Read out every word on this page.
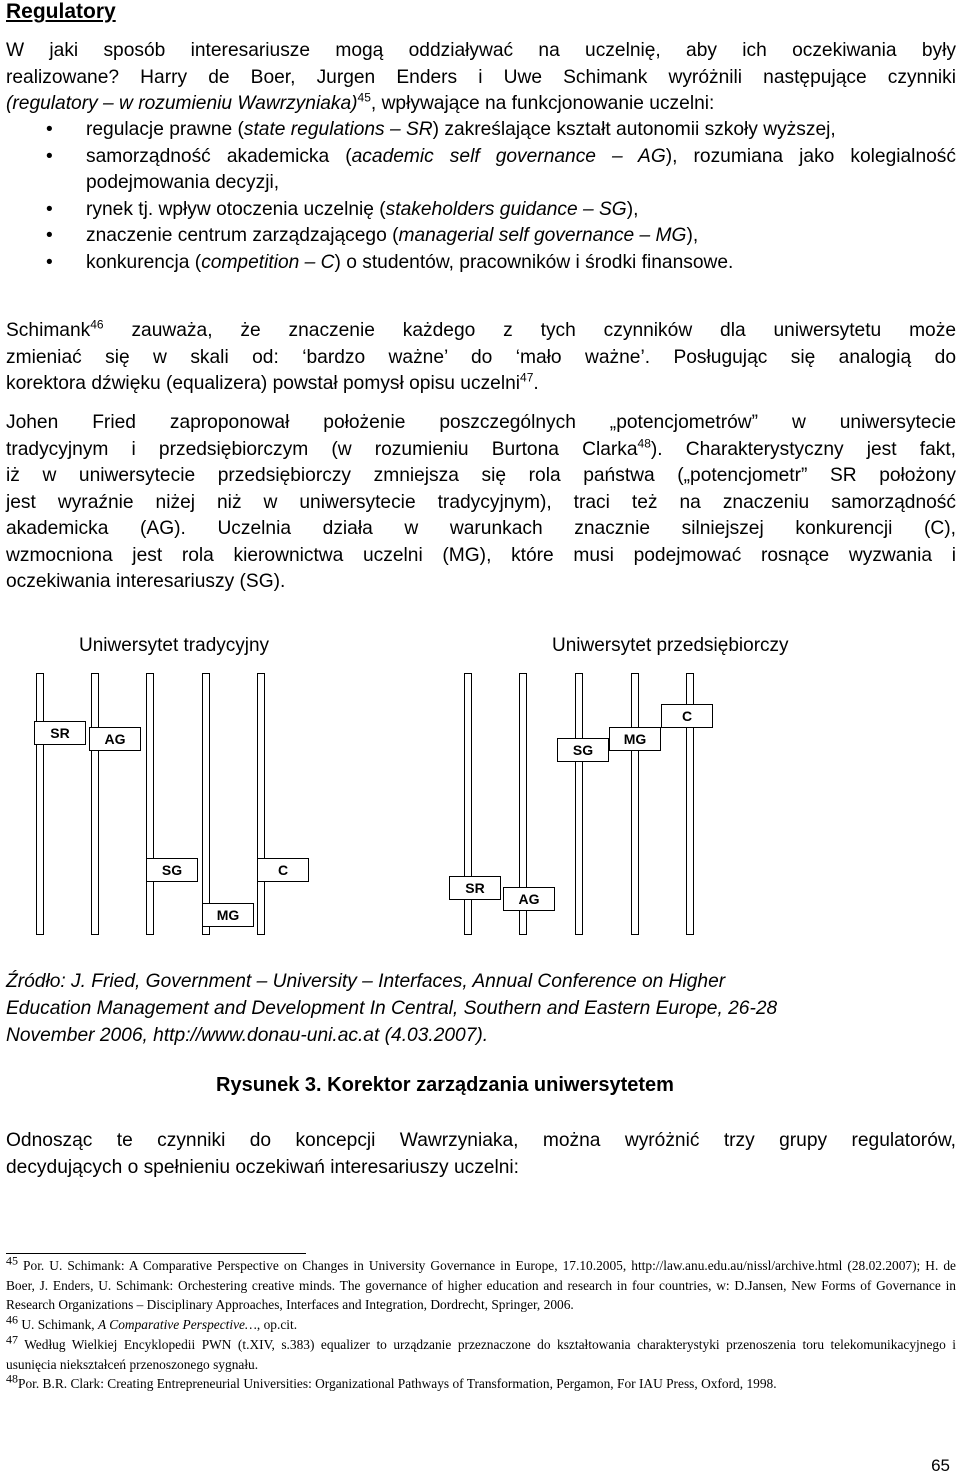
Regulatory
W jaki sposób interesariusze mogą oddziaływać na uczelnię, aby ich oczekiwania były
realizowane? Harry de Boer, Jurgen Enders i Uwe Schimank wyróżnili następujące czynniki
(regulatory – w rozumieniu Wawrzyniaka)$^{45}$, wpływające na funkcjonowanie uczelni:
• regulacje prawne (state regulations – SR) zakreślające kształt autonomii szkoły wyższej,
• samorządność akademicka (academic self governance – AG), rozumiana jako kolegialność podejmowania decyzji,
• rynek tj. wpływ otoczenia uczelnię (stakeholders guidance – SG),
• znaczenie centrum zarządzającego (managerial self governance – MG),
• konkurencja (competition – C) o studentów, pracowników i środki finansowe.
Schimank$^{46}$ zauważa, że znaczenie każdego z tych czynników dla uniwersytetu może
zmieniać się w skali od: ‘bardzo ważne’ do ‘mało ważne’. Posługując się analogią do
korektora dźwięku (equalizera) powstał pomysł opisu uczelni$^{47}$.
Johen Fried zaproponował położenie poszczególnych „potencjometrów” w uniwersytecie
tradycyjnym i przedsiębiorczym (w rozumieniu Burtona Clarka$^{48}$). Charakterystyczny jest fakt,
iż w uniwersytecie przedsiębiorczy zmniejsza się rola państwa („potencjometr” SR położony
jest wyraźnie niżej niż w uniwersytecie tradycyjnym), traci też na znaczeniu samorządność
akademicka (AG). Uczelnia działa w warunkach znacznie silniejszej konkurencji (C),
wzmocniona jest rola kierownictwa uczelni (MG), które musi podejmować rosnące wyzwania i
oczekiwania interesariuszy (SG).
Uniwersytet tradycyjny	Uniwersytet przedsiębiorczy
SR	AG
SG
MG
C
SR
AG
SG
MG
C
Źródło: J. Fried, Government – University – Interfaces, Annual Conference on Higher
Education Management and Development In Central, Southern and Eastern Europe, 26-28
November 2006, http://www.donau-uni.ac.at (4.03.2007).
Rysunek 3. Korektor zarządzania uniwersytetem
Odnosząc te czynniki do koncepcji Wawrzyniaka, można wyróżnić trzy grupy regulatorów,
decydujących o spełnieniu oczekiwań interesariuszy uczelni:
$^{45}$ Por. U. Schimank: A Comparative Perspective on Changes in University Governance in Europe, 17.10.2005, http://law.anu.edu.au/nissl/archive.html (28.02.2007); H. de Boer, J. Enders, U. Schimank: Orchestering creative minds. The governance of higher education and research in four countries, w: D.Jansen, New Forms of Governance in Research Organizations – Disciplinary Approaches, Interfaces and Integration, Dordrecht, Springer, 2006.
$^{46}$ U. Schimank, A Comparative Perspective…, op.cit.
$^{47}$ Według Wielkiej Encyklopedii PWN (t.XIV, s.383) equalizer to urządzanie przeznaczone do kształtowania charakterystyki przenoszenia toru telekomunikacyjnego i usunięcia niekształceń przenoszonego sygnału.
$^{48}$Por. B.R. Clark: Creating Entrepreneurial Universities: Organizational Pathways of Transformation, Pergamon, For IAU Press, Oxford, 1998.
65
